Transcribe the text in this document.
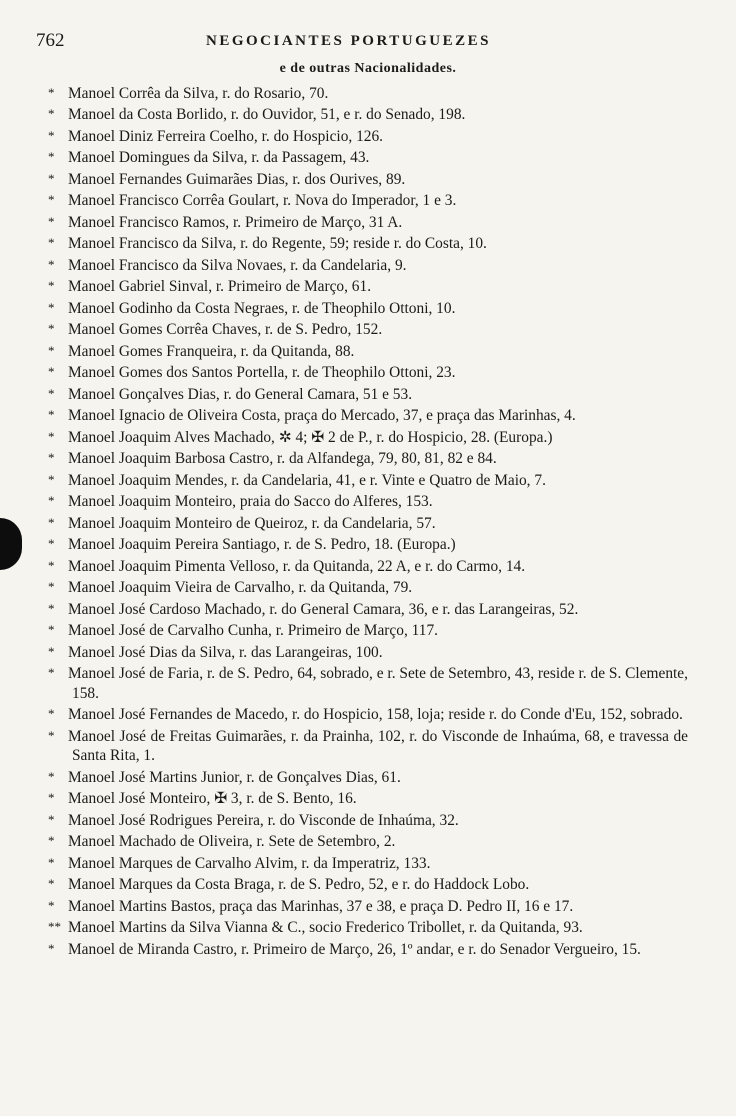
762	NEGOCIANTES PORTUGUEZES
e de outras Nacionalidades.
* Manoel Corrêa da Silva, r. do Rosario, 70.
* Manoel da Costa Borlido, r. do Ouvidor, 51, e r. do Senado, 198.
* Manoel Diniz Ferreira Coelho, r. do Hospicio, 126.
* Manoel Domingues da Silva, r. da Passagem, 43.
* Manoel Fernandes Guimarães Dias, r. dos Ourives, 89.
* Manoel Francisco Corrêa Goulart, r. Nova do Imperador, 1 e 3.
* Manoel Francisco Ramos, r. Primeiro de Março, 31 A.
* Manoel Francisco da Silva, r. do Regente, 59; reside r. do Costa, 10.
* Manoel Francisco da Silva Novaes, r. da Candelaria, 9.
* Manoel Gabriel Sinval, r. Primeiro de Março, 61.
* Manoel Godinho da Costa Negraes, r. de Theophilo Ottoni, 10.
* Manoel Gomes Corrêa Chaves, r. de S. Pedro, 152.
* Manoel Gomes Franqueira, r. da Quitanda, 88.
* Manoel Gomes dos Santos Portella, r. de Theophilo Ottoni, 23.
* Manoel Gonçalves Dias, r. do General Camara, 51 e 53.
* Manoel Ignacio de Oliveira Costa, praça do Mercado, 37, e praça das Marinhas, 4.
* Manoel Joaquim Alves Machado, ✲ 4; ✠ 2 de P., r. do Hospicio, 28. (Europa.)
* Manoel Joaquim Barbosa Castro, r. da Alfandega, 79, 80, 81, 82 e 84.
* Manoel Joaquim Mendes, r. da Candelaria, 41, e r. Vinte e Quatro de Maio, 7.
* Manoel Joaquim Monteiro, praia do Sacco do Alferes, 153.
* Manoel Joaquim Monteiro de Queiroz, r. da Candelaria, 57.
* Manoel Joaquim Pereira Santiago, r. de S. Pedro, 18. (Europa.)
* Manoel Joaquim Pimenta Velloso, r. da Quitanda, 22 A, e r. do Carmo, 14.
* Manoel Joaquim Vieira de Carvalho, r. da Quitanda, 79.
* Manoel José Cardoso Machado, r. do General Camara, 36, e r. das Larangeiras, 52.
* Manoel José de Carvalho Cunha, r. Primeiro de Março, 117.
* Manoel José Dias da Silva, r. das Larangeiras, 100.
* Manoel José de Faria, r. de S. Pedro, 64, sobrado, e r. Sete de Setembro, 43, reside r. de S. Clemente, 158.
* Manoel José Fernandes de Macedo, r. do Hospicio, 158, loja; reside r. do Conde d'Eu, 152, sobrado.
* Manoel José de Freitas Guimarães, r. da Prainha, 102, r. do Visconde de Inhaúma, 68, e travessa de Santa Rita, 1.
* Manoel José Martins Junior, r. de Gonçalves Dias, 61.
* Manoel José Monteiro, ✠ 3, r. de S. Bento, 16.
* Manoel José Rodrigues Pereira, r. do Visconde de Inhaúma, 32.
* Manoel Machado de Oliveira, r. Sete de Setembro, 2.
* Manoel Marques de Carvalho Alvim, r. da Imperatriz, 133.
* Manoel Marques da Costa Braga, r. de S. Pedro, 52, e r. do Haddock Lobo.
* Manoel Martins Bastos, praça das Marinhas, 37 e 38, e praça D. Pedro II, 16 e 17.
** Manoel Martins da Silva Vianna & C., socio Frederico Tribollet, r. da Quitanda, 93.
* Manoel de Miranda Castro, r. Primeiro de Março, 26, 1º andar, e r. do Senador Vergueiro, 15.
